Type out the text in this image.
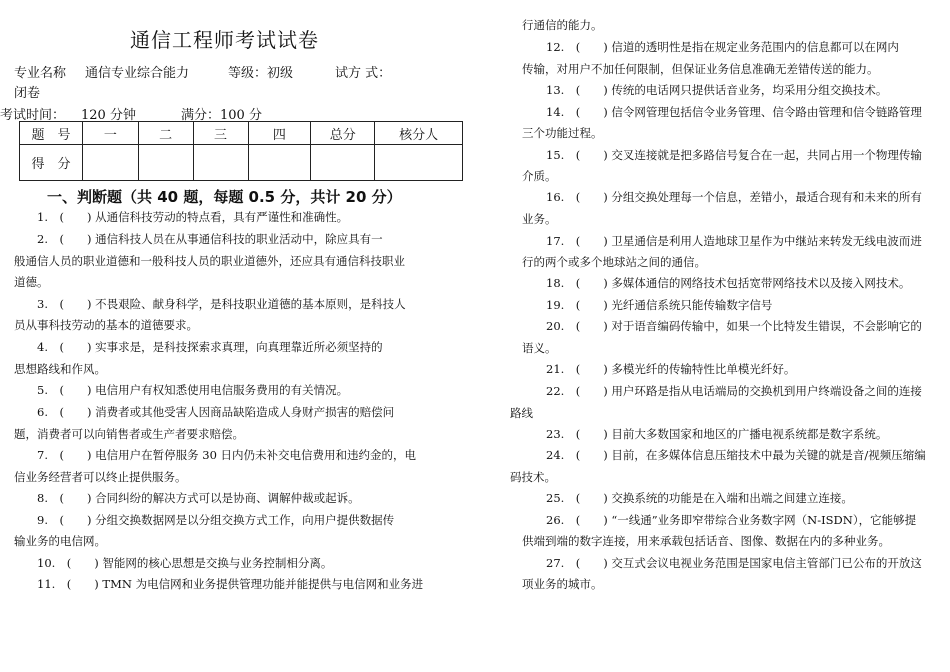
通信工程师考试试卷
专业名称 通信专业综合能力	等级：初级	试方 式：
闭卷
考试时间： 120 分钟	满分：100 分
题　号	一	二	三	四	总分	核分人
得　分						
一、判断题（共 40 题，每题 0.5 分，共计 20 分）
1.　(　　) 从通信科技劳动的特点看，具有严谨性和准确性。
2.　(　　) 通信科技人员在从事通信科技的职业活动中，除应具有一
般通信人员的职业道德和一般科技人员的职业道德外，还应具有通信科技职业
道德。
3.　(　　) 不畏艰险、献身科学，是科技职业道德的基本原则，是科技人
员从事科技劳动的基本的道德要求。
4.　(　　) 实事求是，是科技探索求真理，向真理靠近所必须坚持的
思想路线和作风。
5.　(　　) 电信用户有权知悉使用电信服务费用的有关情况。
6.　(　　) 消费者或其他受害人因商品缺陷造成人身财产损害的赔偿问
题，消费者可以向销售者或生产者要求赔偿。
7.　(　　) 电信用户在暂停服务 30 日内仍未补交电信费用和违约金的，电
信业务经营者可以终止提供服务。
8.　(　　) 合同纠纷的解决方式可以是协商、调解仲裁或起诉。
9.　(　　) 分组交换数据网是以分组交换方式工作，向用户提供数据传
输业务的电信网。
10.　(　　) 智能网的核心思想是交换与业务控制相分离。
11.　(　　) TMN 为电信网和业务提供管理功能并能提供与电信网和业务进
行通信的能力。
12.　(　　) 信道的透明性是指在规定业务范围内的信息都可以在网内
传输，对用户不加任何限制，但保证业务信息准确无差错传送的能力。
13.　(　　) 传统的电话网只提供话音业务，均采用分组交换技术。
14.　(　　) 信令网管理包括信令业务管理、信令路由管理和信令链路管理
三个功能过程。
15.　(　　) 交叉连接就是把多路信号复合在一起，共同占用一个物理传输
介质。
16.　(　　) 分组交换处理每一个信息，差错小，最适合现有和未来的所有
业务。
17.　(　　) 卫星通信是利用人造地球卫星作为中继站来转发无线电波而进
行的两个或多个地球站之间的通信。
18.　(　　) 多媒体通信的网络技术包括宽带网络技术以及接入网技术。
19.　(　　) 光纤通信系统只能传输数字信号
20.　(　　) 对于语音编码传输中，如果一个比特发生错误，不会影响它的
语义。
21.　(　　) 多模光纤的传输特性比单模光纤好。
22.　(　　) 用户环路是指从电话端局的交换机到用户终端设备之间的连接
路线
23.　(　　) 目前大多数国家和地区的广播电视系统都是数字系统。
24.　(　　) 目前，在多媒体信息压缩技术中最为关键的就是音/视频压缩编
码技术。
25.　(　　) 交换系统的功能是在入端和出端之间建立连接。
26.　(　　) “一线通”业务即窄带综合业务数字网（N-ISDN），它能够提
供端到端的数字连接，用来承载包括话音、图像、数据在内的多种业务。
27.　(　　) 交互式会议电视业务范围是国家电信主管部门已公布的开放这
项业务的城市。
